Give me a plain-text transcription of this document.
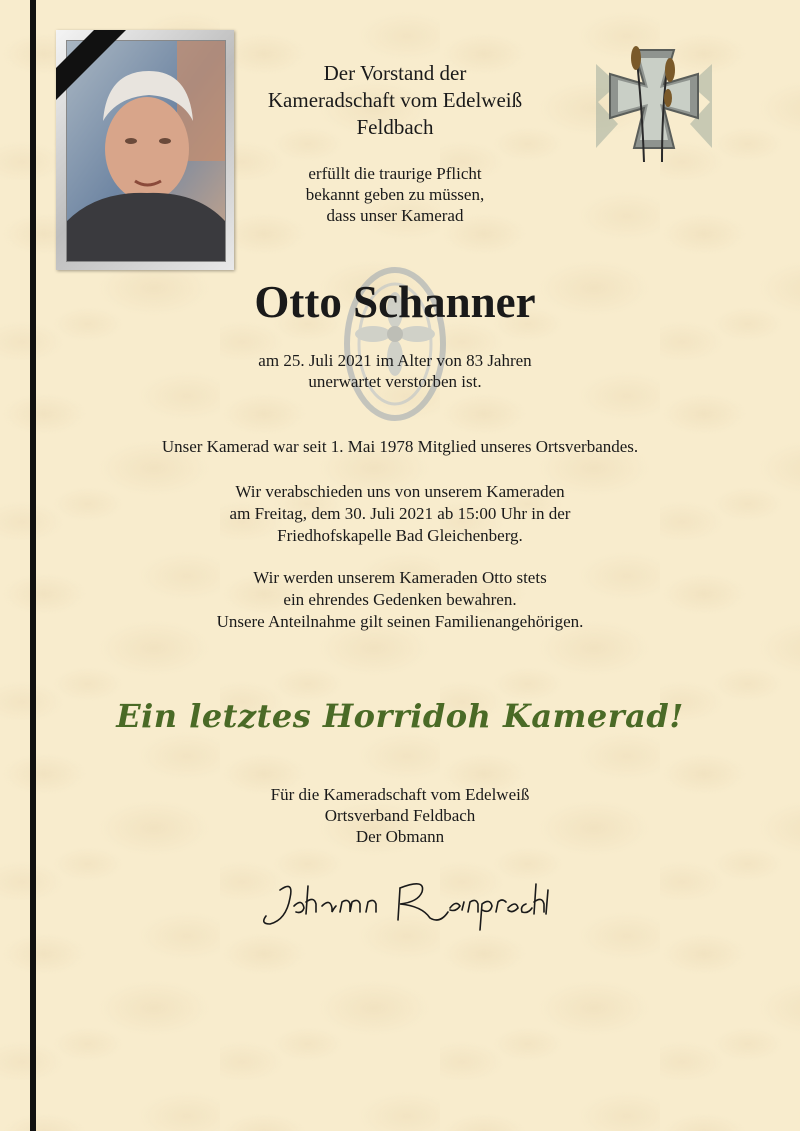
Der Vorstand der
Kameradschaft vom Edelweiß
Feldbach
erfüllt die traurige Pflicht
bekannt geben zu müssen,
dass unser Kamerad
Otto Schanner
am 25. Juli 2021 im Alter von 83 Jahren
unerwartet verstorben ist.
Unser Kamerad war seit 1. Mai 1978 Mitglied unseres Ortsverbandes.
Wir verabschieden uns von unserem Kameraden
am Freitag, dem 30. Juli 2021 ab 15:00 Uhr in der
Friedhofskapelle Bad Gleichenberg.
Wir werden unserem Kameraden Otto stets
ein ehrendes Gedenken bewahren.
Unsere Anteilnahme gilt seinen Familienangehörigen.
Ein letztes Horridoh Kamerad!
Für die Kameradschaft vom Edelweiß
Ortsverband Feldbach
Der Obmann
